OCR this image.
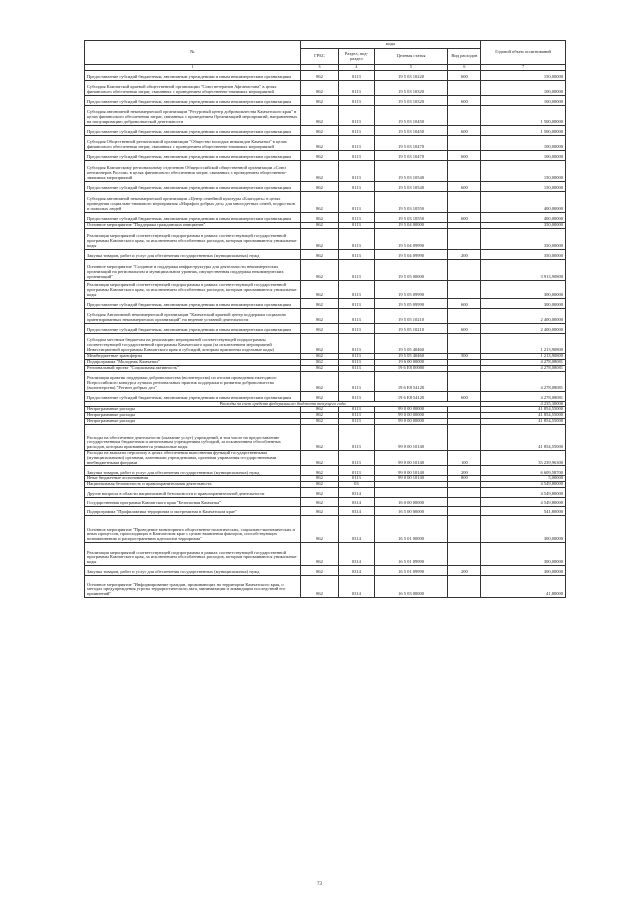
№	коды				Годовой объем ассигнований
	ГРБС	Раздел, под-раздел	Целевая статья	Вид расходов	
1	3	4	5	6	7
Предоставление субсидий бюджетным, автономным учреждениям и иным некоммерческим организациям	862	0113	19 5 03 10220	600	150,00000
Субсидия Камчатской краевой общественной организации "Союз ветеранов Афганистана" в целях финансового обеспечения затрат, связанных с проведением общественно-значимых мероприятий	862	0113	19 5 03 10320		100,00000
Предоставление субсидий бюджетным, автономным учреждениям и иным некоммерческим организациям	862	0113	19 5 03 10320	600	100,00000
Субсидия автономной некоммерческой организации "Ресурсный центр добровольчества Камчатского края" в целях финансового обеспечения затрат, связанных с проведением Организацией мероприятий, направленных на популяризацию добровольческой деятельности	862	0113	19 5 03 10450		1 500,00000
Предоставление субсидий бюджетным, автономным учреждениям и иным некоммерческим организациям	862	0113	19 5 03 10450	600	1 500,00000
Субсидия Общественной региональной организации "Общество молодых инвалидов Камчатки" в целях финансового обеспечения затрат, связанных с проведением общественно-значимых мероприятий	862	0113	19 5 03 10470		100,00000
Предоставление субсидий бюджетным, автономным учреждениям и иным некоммерческим организациям	862	0113	19 5 03 10470	600	100,00000
Субсидия Камчатскому региональному отделению Общероссийской общественной организации «Союз пенсионеров России» в целях финансового обеспечения затрат, связанных с проведением общественно-значимых мероприятий	862	0113	19 5 03 10540		150,00000
Предоставление субсидий бюджетным, автономным учреждениям и иным некоммерческим организациям	862	0113	19 5 03 10540	600	150,00000
Субсидия автономной некоммерческой организации «Центр семейной культуры «Благодать» в целях проведения социально-значимого мероприятия «Марафон добрых дел» для многодетных семей, подростков и пожилых людей	862	0113	19 5 03 10550		400,00000
Предоставление субсидий бюджетным, автономным учреждениям и иным некоммерческим организациям	862	0113	19 5 03 10550	600	400,00000
Основное мероприятие "Поддержка гражданских инициатив"	862	0113	19 5 04 00000		350,00000
Реализация мероприятий соответствующей подпрограммы в рамках соответствующей государственной программы Камчатского края, за исключением обособленных расходов, которым присваиваются уникальные коды	862	0113	19 5 04 09990		350,00000
Закупка товаров, работ и услуг для обеспечения государственных (муниципальных) нужд	862	0113	19 5 04 09990	200	350,00000
Основное мероприятие "Создание и поддержка инфраструктуры для деятельности некоммерческих организаций на региональном и муниципальном уровнях, имущественная поддержка некоммерческих организаций"	862	0113	19 5 05 00000		3 913,90800
Реализация мероприятий соответствующей подпрограммы в рамках соответствующей государственной программы Камчатского края, за исключением обособленных расходов, которым присваиваются уникальные коды	862	0113	19 5 05 09990		300,00000
Предоставление субсидий бюджетным, автономным учреждениям и иным некоммерческим организациям	862	0113	19 5 05 09990	600	300,00000
Субсидия Автономной некоммерческой организации "Камчатский краевой центр поддержки социально ориентированных некоммерческих организаций" на ведение уставной деятельности	862	0113	19 5 05 10210		2 400,00000
Предоставление субсидий бюджетным, автономным учреждениям и иным некоммерческим организациям	862	0113	19 5 05 10210	600	2 400,00000
Субсидии местным бюджетам на реализацию мероприятий соответствующей подпрограммы соответствующей государственной программы Камчатского края (за исключением мероприятий Инвестиционной программы Камчатского края и субсидий, которым присвоены отдельные коды)	862	0113	19 5 05 40460		1 213,90800
Межбюджетные трансферты	862	0113	19 5 05 40460	500	1 213,90800
Подпрограмма "Молодежь Камчатки"	862	0113	19 6 00 00000		4 278,08081
Региональный проект "Социальная активность"	862	0113	19 6 E8 00000		4 278,08081
Реализация практик поддержки добровольчества (волонтерства) по итогам проведения ежегодного Всероссийского конкурса лучших региональных практик поддержки и развития добровольчества (волонтерства) "Регион добрых дел"	862	0113	19 6 E8 54120		4 278,08081
Предоставление субсидий бюджетным, автономным учреждениям и иным некоммерческим организациям	862	0113	19 6 E8 54120	600	4 278,08081
Расходы за счет средств федерального бюджета текущего года					4 235,30000
Непрограммные расходы	862	0113	99 0 00 00000		41 854,55000
Непрограммные расходы	862	0113	99 0 00 00000		41 854,55000
Непрограммные расходы	862	0113	99 0 00 00000		41 854,55000
Расходы на обеспечение деятельности (оказание услуг) учреждений, в том числе на предоставление государственным бюджетным и автономным учреждениям субсидий, за исключением обособленных расходов, которым присваиваются уникальные коды	862	0113	99 0 00 10140		41 854,55000
Расходы на выплаты персоналу в целях обеспечения выполнения функций государственными (муниципальными) органами, казенными учреждениями, органами управления государственными внебюджетными фондами	862	0113	99 0 00 10140	100	35 239,96300
Закупка товаров, работ и услуг для обеспечения государственных (муниципальных) нужд	862	0113	99 0 00 10140	200	6 609,58700
Иные бюджетные ассигнования	862	0113	99 0 00 10140	800	5,00000
Национальная безопасность и правоохранительная деятельность	862	03			4 549,80000
Другие вопросы в области национальной безопасности и правоохранительной деятельности	862	0314			4 549,80000
Государственная программа Камчатского края "Безопасная Камчатка"	862	0314	16 0 00 00000		4 549,80000
Подпрограмма "Профилактика терроризма и экстремизма в Камчатском крае"	862	0314	16 5 00 00000		541,80000
Основное мероприятие "Проведение мониторинга общественно-политических, социально-экономических и иных процессов, происходящих в Камчатском крае с целью выявления факторов, способствующих возникновению и распространению идеологии терроризма"	862	0314	16 5 01 00000		300,00000
Реализация мероприятий соответствующей подпрограммы в рамках соответствующей государственной программы Камчатского края, за исключением обособленных расходов, которым присваиваются уникальные коды	862	0314	16 5 01 09990		300,00000
Закупка товаров, работ и услуг для обеспечения государственных (муниципальных) нужд	862	0314	16 5 01 09990	200	300,00000
Основное мероприятие "Информирование граждан, проживающих на территории Камчатского края, о методах предупреждения угрозы террористического акта, минимизации и ликвидации последствий его проявлений"	862	0314	16 5 03 00000		41,80000
73
